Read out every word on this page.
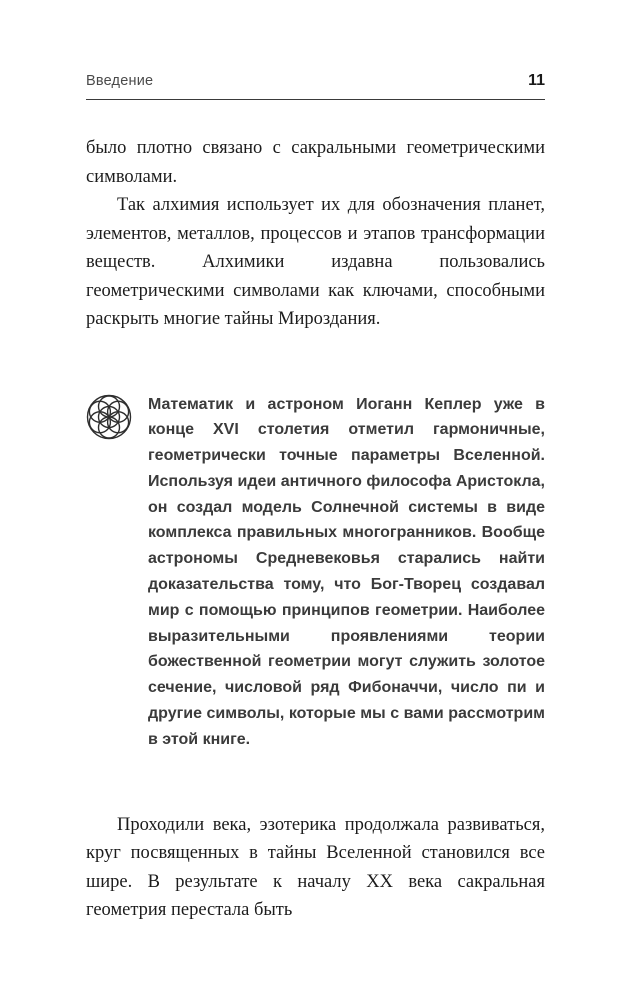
Введение	11

было плотно связано с сакральными геометрическими символами.

Так алхимия использует их для обозначения планет, элементов, металлов, процессов и этапов трансформации веществ. Алхимики издавна пользовались геометрическими символами как ключами, способными раскрыть многие тайны Мироздания.

Математик и астроном Иоганн Кеплер уже в конце XVI столетия отметил гармоничные, геометрически точные параметры Вселенной. Используя идеи античного философа Аристокла, он создал модель Солнечной системы в виде комплекса правильных многогранников. Вообще астрономы Средневековья старались найти доказательства тому, что Бог-Творец создавал мир с помощью принципов геометрии. Наиболее выразительными проявлениями теории божественной геометрии могут служить золотое сечение, числовой ряд Фибоначчи, число пи и другие символы, которые мы с вами рассмотрим в этой книге.

Проходили века, эзотерика продолжала развиваться, круг посвященных в тайны Вселенной становился все шире. В результате к началу XX века сакральная геометрия перестала быть
